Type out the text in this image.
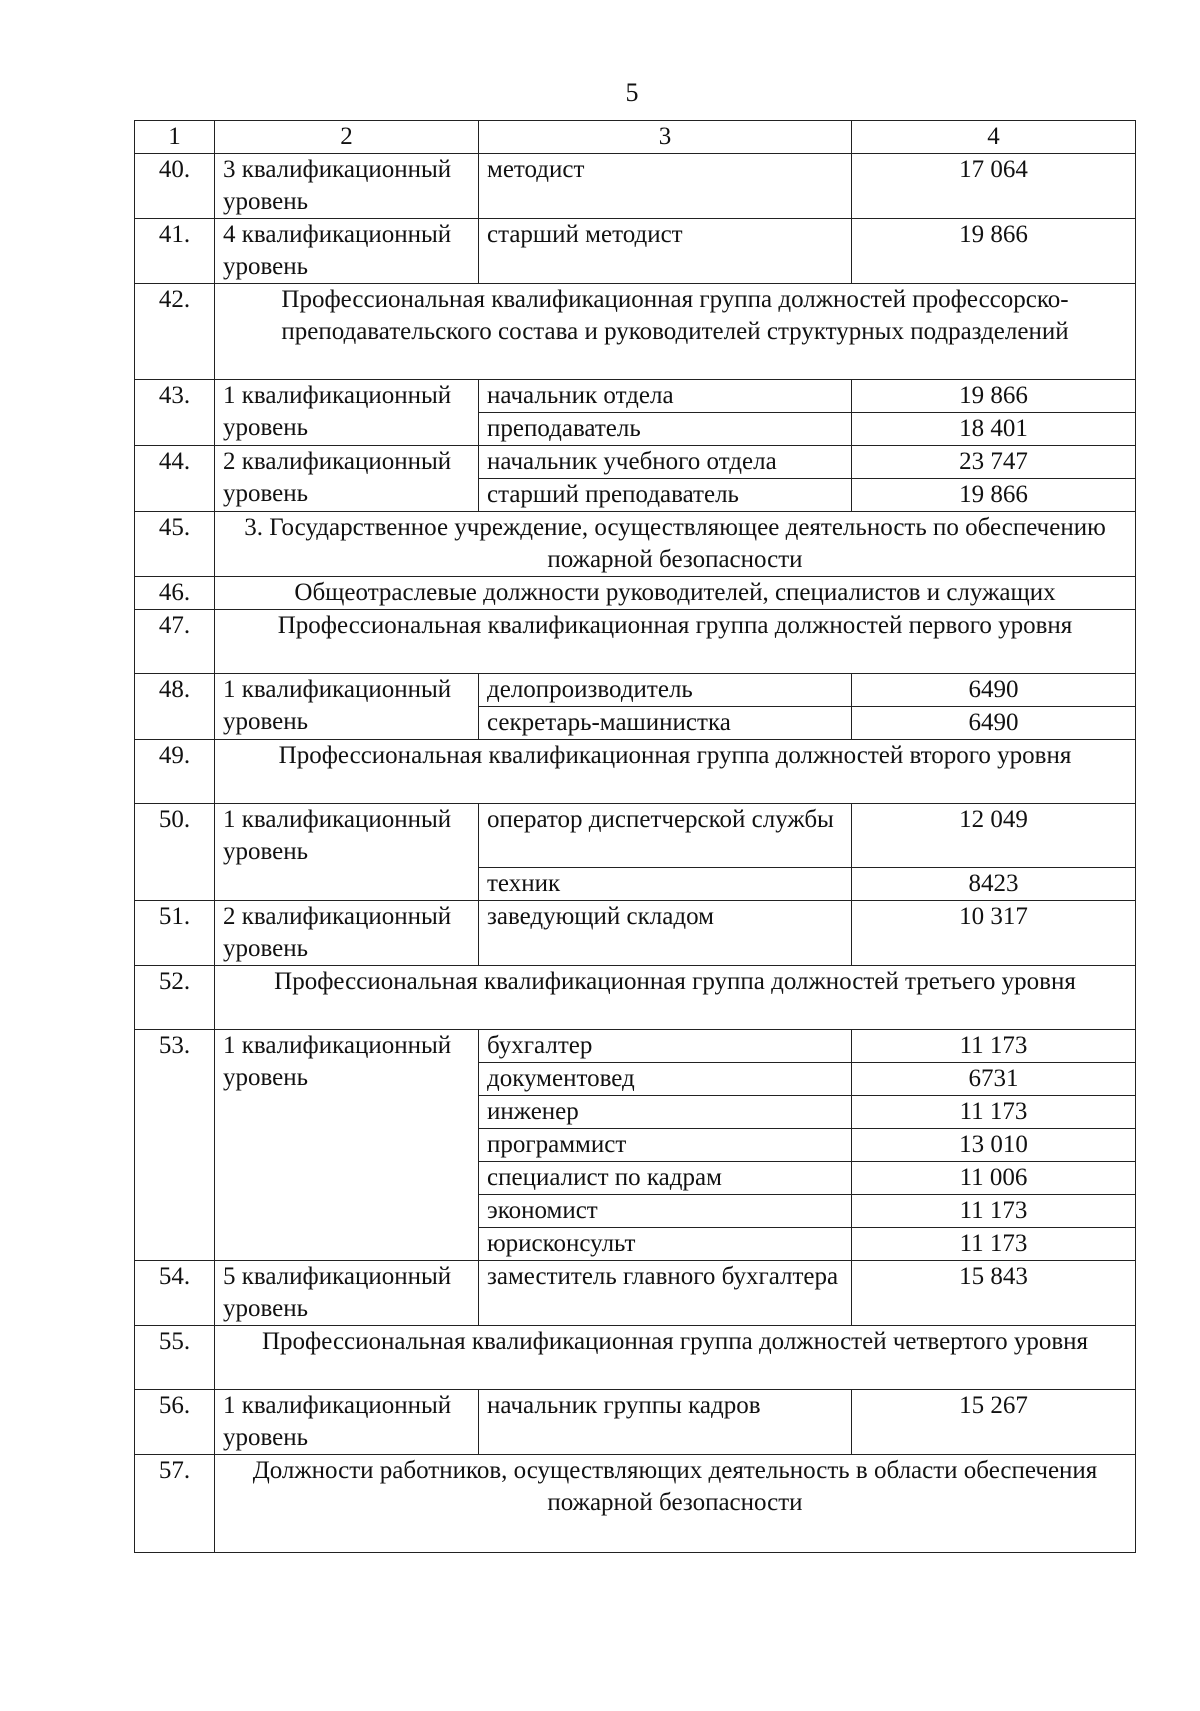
5
1	2	3	4
40.	3 квалификационный уровень	методист	17 064
41.	4 квалификационный уровень	старший методист	19 866
42.	Профессиональная квалификационная группа должностей профессорско-преподавательского состава и руководителей структурных подразделений		
43.	1 квалификационный уровень	начальник отдела	19 866
		преподаватель	18 401
44.	2 квалификационный уровень	начальник учебного отдела	23 747
		старший преподаватель	19 866
45.	3. Государственное учреждение, осуществляющее деятельность по обеспечению пожарной безопасности		
46.	Общеотраслевые должности руководителей, специалистов и служащих		
47.	Профессиональная квалификационная группа должностей первого уровня		
48.	1 квалификационный уровень	делопроизводитель	6490
		секретарь-машинистка	6490
49.	Профессиональная квалификационная группа должностей второго уровня		
50.	1 квалификационный уровень	оператор диспетчерской службы	12 049
		техник	8423
51.	2 квалификационный уровень	заведующий складом	10 317
52.	Профессиональная квалификационная группа должностей третьего уровня		
53.	1 квалификационный уровень	бухгалтер	11 173
		документовед	6731
		инженер	11 173
		программист	13 010
		специалист по кадрам	11 006
		экономист	11 173
		юрисконсульт	11 173
54.	5 квалификационный уровень	заместитель главного бухгалтера	15 843
55.	Профессиональная квалификационная группа должностей четвертого уровня		
56.	1 квалификационный уровень	начальник группы кадров	15 267
57.	Должности работников, осуществляющих деятельность в области обеспечения пожарной безопасности		
